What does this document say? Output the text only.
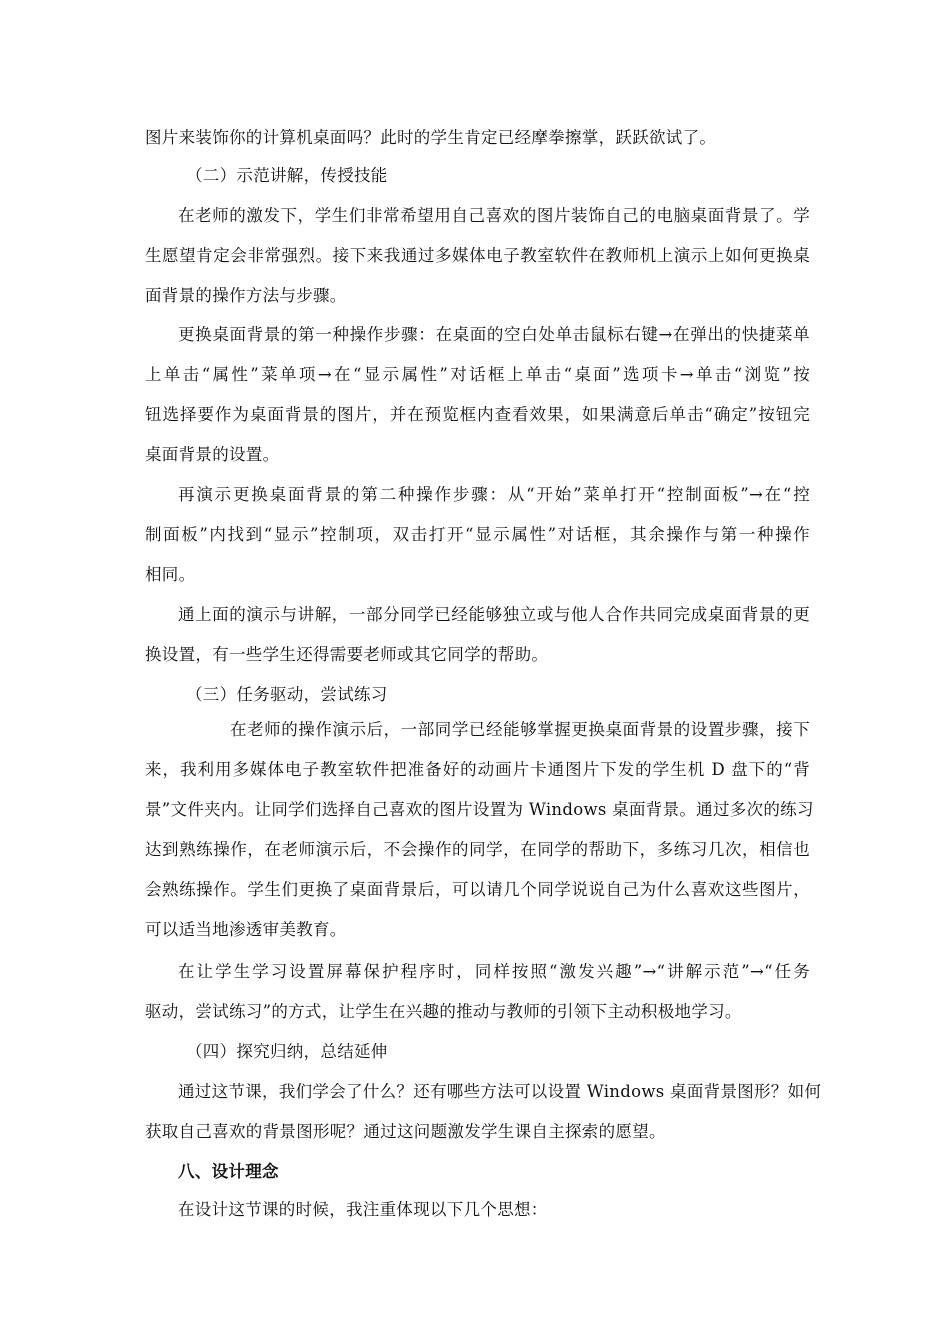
图片来装饰你的计算机桌面吗？此时的学生肯定已经摩拳擦掌，跃跃欲试了。
（二）示范讲解，传授技能
在老师的激发下，学生们非常希望用自己喜欢的图片装饰自己的电脑桌面背景了。学
生愿望肯定会非常强烈。接下来我通过多媒体电子教室软件在教师机上演示上如何更换桌
面背景的操作方法与步骤。
更换桌面背景的第一种操作步骤：在桌面的空白处单击鼠标右键→在弹出的快捷菜单
上单击“属性”菜单项→在“显示属性”对话框上单击“桌面”选项卡→单击“浏览”按
钮选择要作为桌面背景的图片，并在预览框内查看效果，如果满意后单击“确定”按钮完
桌面背景的设置。
再演示更换桌面背景的第二种操作步骤：从“开始”菜单打开“控制面板”→在“控
制面板”内找到“显示”控制项，双击打开“显示属性”对话框，其余操作与第一种操作
相同。
通上面的演示与讲解，一部分同学已经能够独立或与他人合作共同完成桌面背景的更
换设置，有一些学生还得需要老师或其它同学的帮助。
（三）任务驱动，尝试练习
在老师的操作演示后，一部同学已经能够掌握更换桌面背景的设置步骤，接下
来，我利用多媒体电子教室软件把准备好的动画片卡通图片下发的学生机 D 盘下的“背
景”文件夹内。让同学们选择自己喜欢的图片设置为 Windows 桌面背景。通过多次的练习
达到熟练操作，在老师演示后，不会操作的同学，在同学的帮助下，多练习几次，相信也
会熟练操作。学生们更换了桌面背景后，可以请几个同学说说自己为什么喜欢这些图片，
可以适当地渗透审美教育。
在让学生学习设置屏幕保护程序时，同样按照“激发兴趣”→“讲解示范”→“任务
驱动，尝试练习”的方式，让学生在兴趣的推动与教师的引领下主动积极地学习。
（四）探究归纳，总结延伸
通过这节课，我们学会了什么？还有哪些方法可以设置 Windows 桌面背景图形？如何
获取自己喜欢的背景图形呢？通过这问题激发学生课自主探索的愿望。
八、设计理念
在设计这节课的时候，我注重体现以下几个思想：
